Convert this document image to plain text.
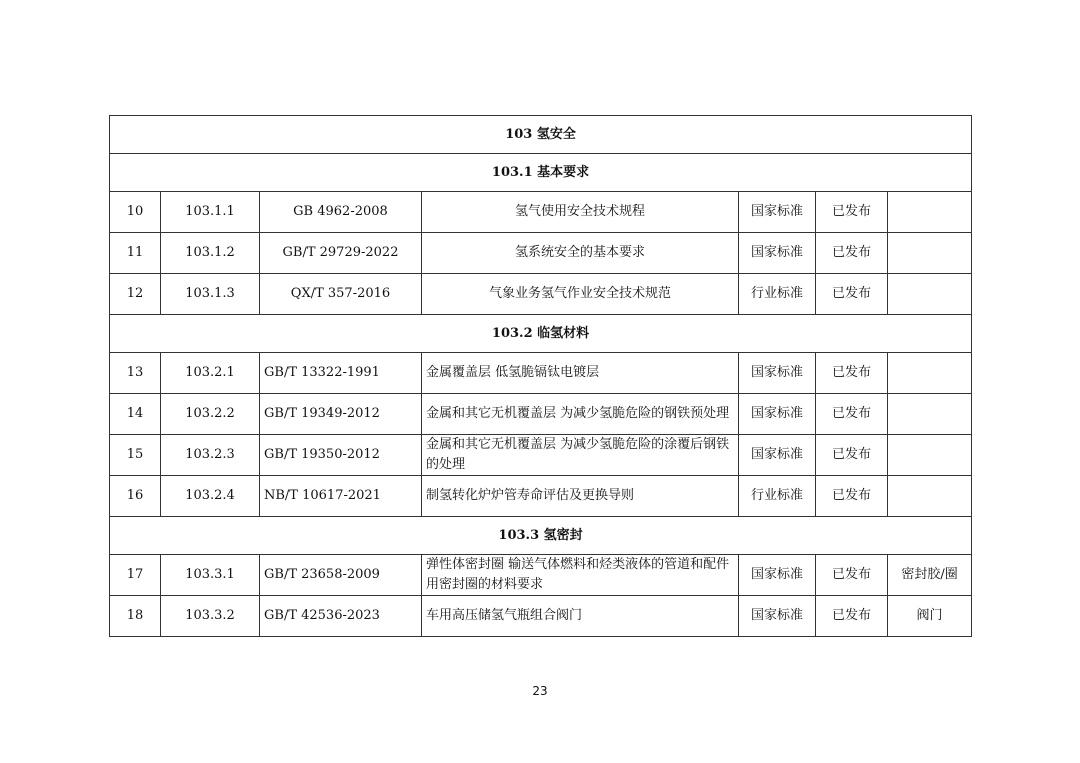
103 氢安全						
103.1 基本要求						
10	103.1.1	GB 4962-2008	氢气使用安全技术规程	国家标准	已发布	
11	103.1.2	GB/T 29729-2022	氢系统安全的基本要求	国家标准	已发布	
12	103.1.3	QX/T 357-2016	气象业务氢气作业安全技术规范	行业标准	已发布	
103.2 临氢材料						
13	103.2.1	GB/T 13322-1991	金属覆盖层 低氢脆镉钛电镀层	国家标准	已发布	
14	103.2.2	GB/T 19349-2012	金属和其它无机覆盖层 为减少氢脆危险的钢铁预处理	国家标准	已发布	
15	103.2.3	GB/T 19350-2012	金属和其它无机覆盖层 为减少氢脆危险的涂覆后钢铁的处理	国家标准	已发布	
16	103.2.4	NB/T 10617-2021	制氢转化炉炉管寿命评估及更换导则	行业标准	已发布	
103.3 氢密封						
17	103.3.1	GB/T 23658-2009	弹性体密封圈 输送气体燃料和烃类液体的管道和配件用密封圈的材料要求	国家标准	已发布	密封胶/圈
18	103.3.2	GB/T 42536-2023	车用高压储氢气瓶组合阀门	国家标准	已发布	阀门
23
